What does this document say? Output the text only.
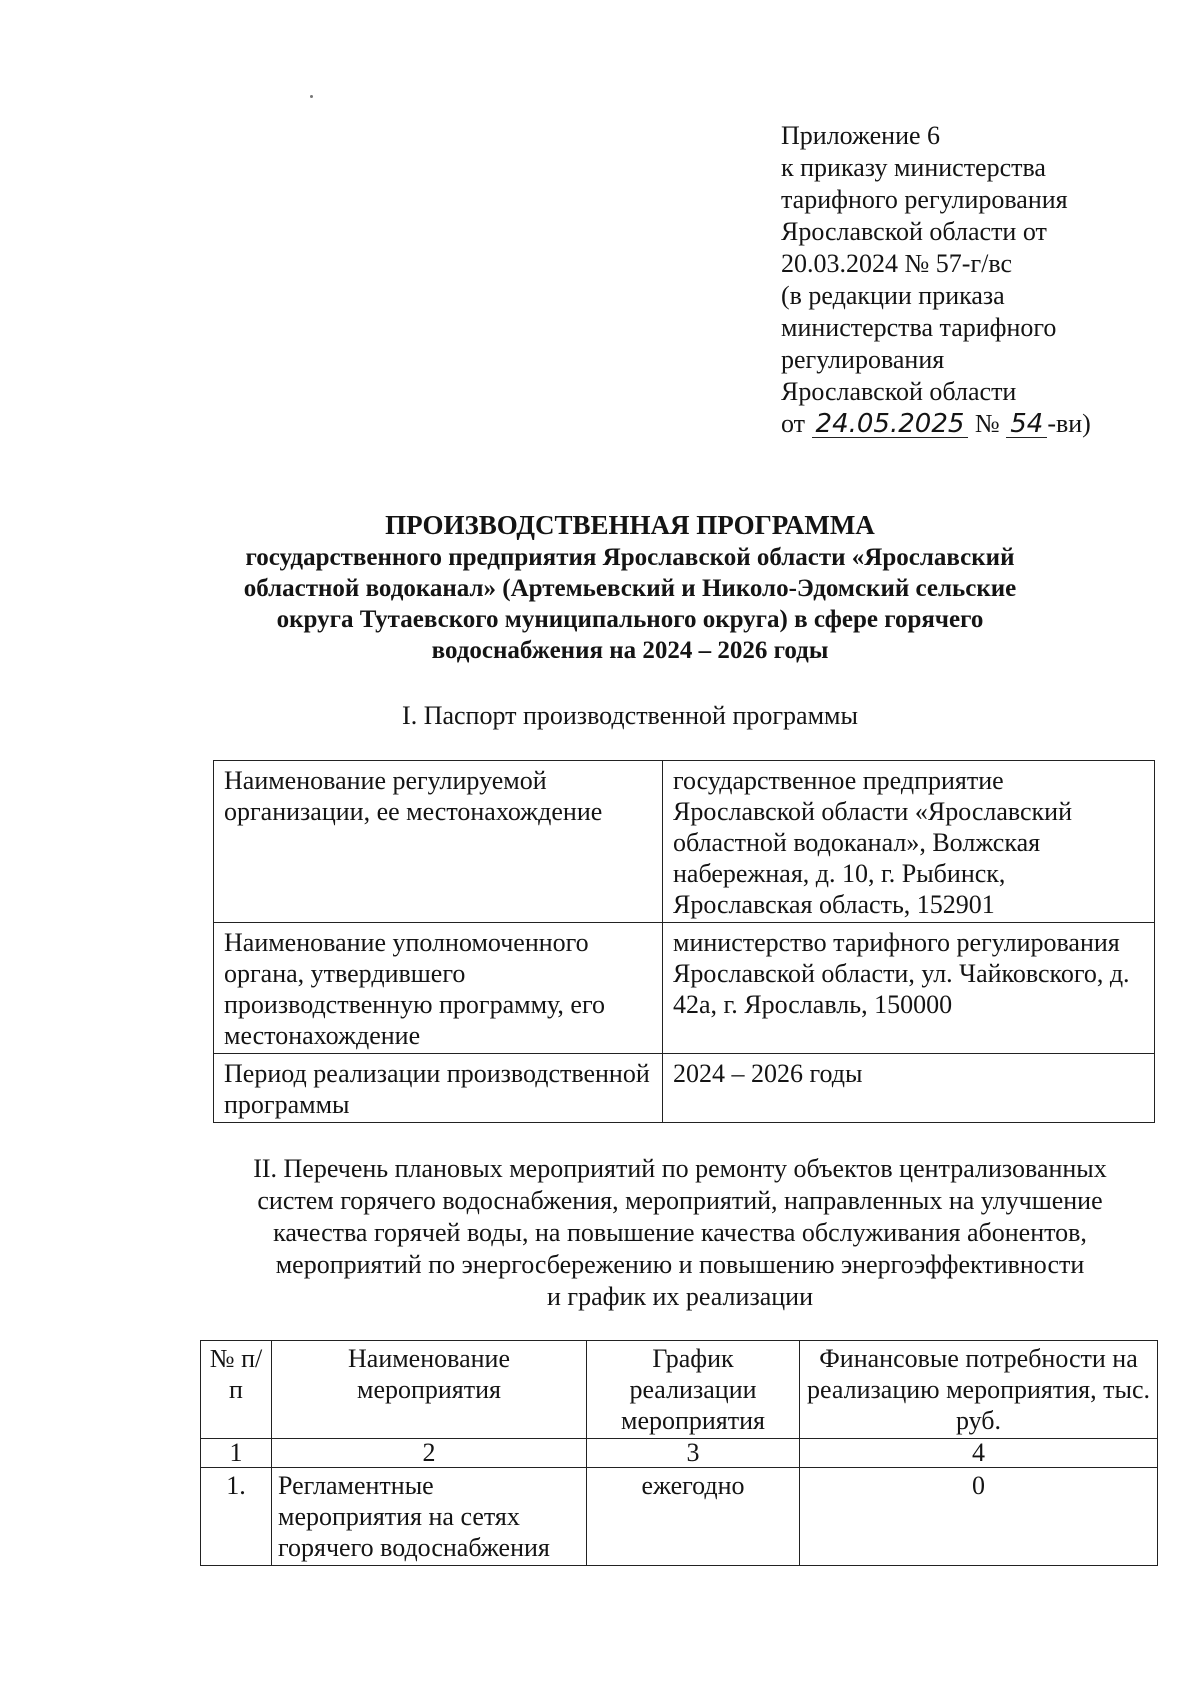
Приложение 6
к приказу министерства
тарифного регулирования
Ярославской области от
20.03.2024 № 57-г/вс
(в редакции приказа
министерства тарифного
регулирования
Ярославской области
от 24.05.2025 № 54 -ви)
ПРОИЗВОДСТВЕННАЯ ПРОГРАММА
государственного предприятия Ярославской области «Ярославский
областной водоканал» (Артемьевский и Николо-Эдомский сельские
округа Тутаевского муниципального округа) в сфере горячего
водоснабжения на 2024 – 2026 годы
I. Паспорт производственной программы
Наименование регулируемой организации, ее местонахождение	государственное предприятие Ярославской области «Ярославский областной водоканал», Волжская набережная, д. 10, г. Рыбинск, Ярославская область, 152901
Наименование уполномоченного органа, утвердившего производственную программу, его местонахождение	министерство тарифного регулирования Ярославской области, ул. Чайковского, д. 42а, г. Ярославль, 150000
Период реализации производственной программы	2024 – 2026 годы
II. Перечень плановых мероприятий по ремонту объектов централизованных
систем горячего водоснабжения, мероприятий, направленных на улучшение
качества горячей воды, на повышение качества обслуживания абонентов,
мероприятий по энергосбережению и повышению энергоэффективности
и график их реализации
№ п/п	Наименование мероприятия	График реализации мероприятия	Финансовые потребности на реализацию мероприятия, тыс. руб.
1	2	3	4
1.	Регламентные мероприятия на сетях горячего водоснабжения	ежегодно	0
